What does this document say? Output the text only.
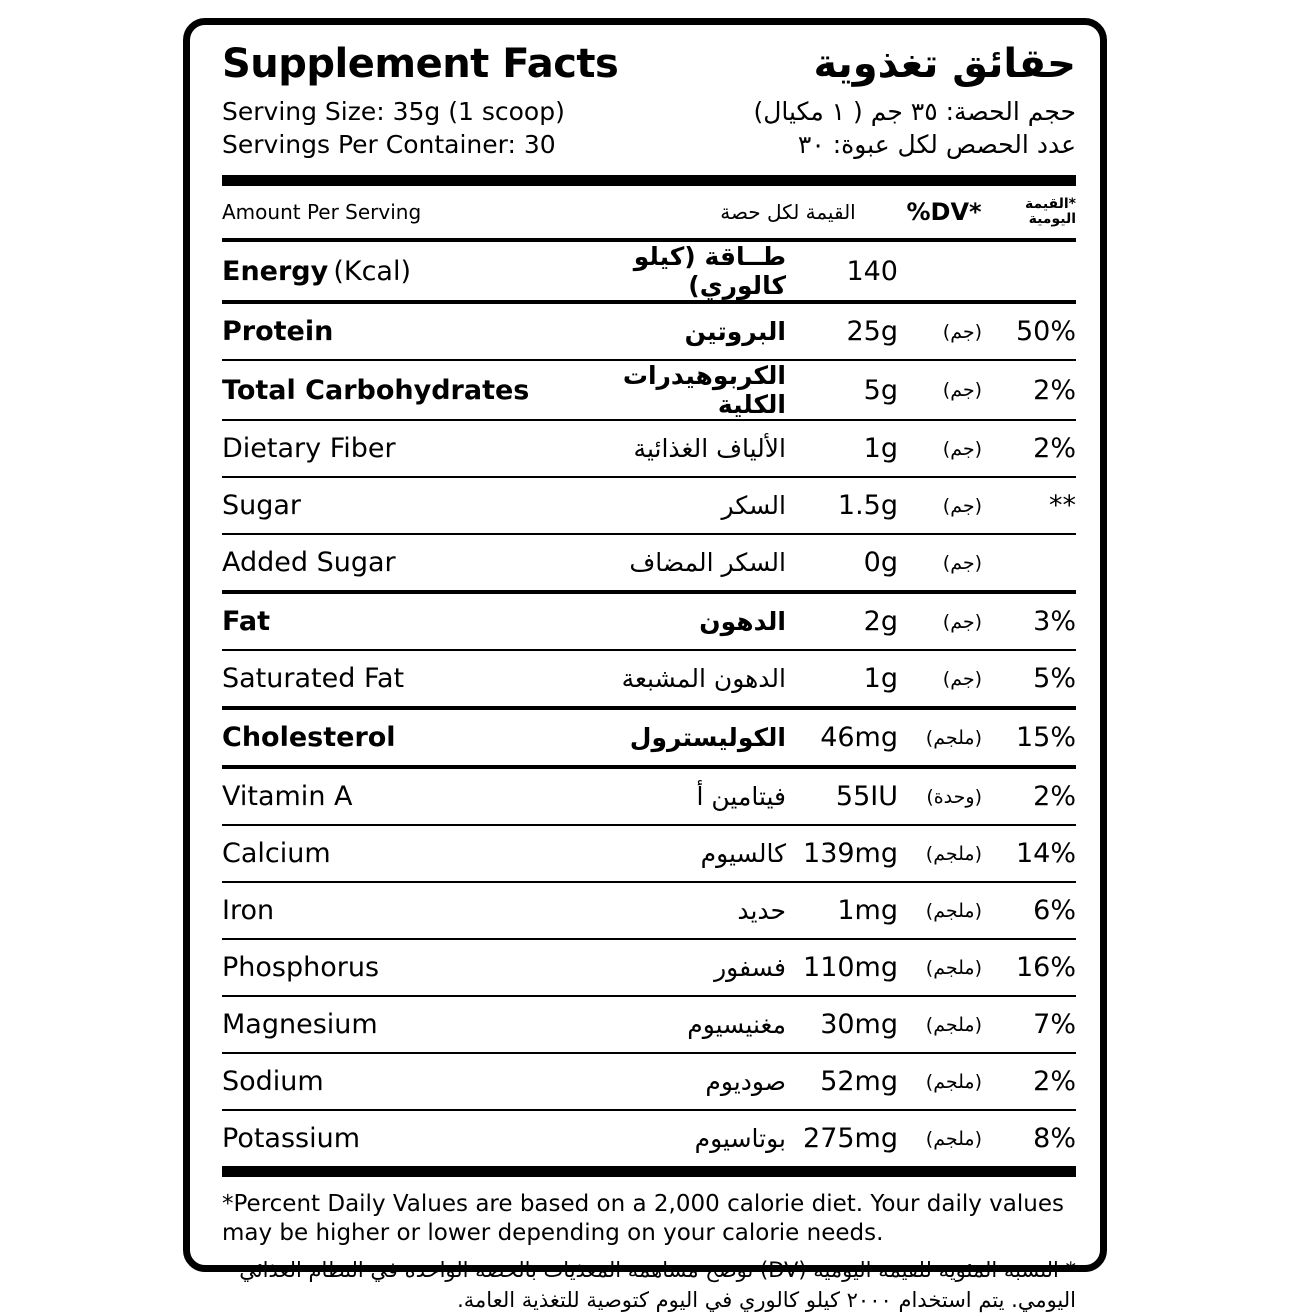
Supplement Facts	حقائق تغذوية
Serving Size: 35g (1 scoop)	حجم الحصة: ٣٥ جم ( ١ مكيال)
Servings Per Container: 30	عدد الحصص لكل عبوة: ٣٠
Amount Per Serving	القيمة لكل حصة	%DV*	*القيمة
اليومية
Energy (Kcal)	طــاقة (كيلو كالوري)	140		
Protein	البروتين	25g	(جم)	50%
Total Carbohydrates	الكربوهيدرات الكلية	5g	(جم)	2%
Dietary Fiber	الألياف الغذائية	1g	(جم)	2%
Sugar	السكر	1.5g	(جم)	**
Added Sugar	السكر المضاف	0g	(جم)	
Fat	الدهون	2g	(جم)	3%
Saturated Fat	الدهون المشبعة	1g	(جم)	5%
Cholesterol	الكوليسترول	46mg	(ملجم)	15%
Vitamin A	فيتامين أ	55IU	(وحدة)	2%
Calcium	كالسيوم	139mg	(ملجم)	14%
Iron	حديد	1mg	(ملجم)	6%
Phosphorus	فسفور	110mg	(ملجم)	16%
Magnesium	مغنيسيوم	30mg	(ملجم)	7%
Sodium	صوديوم	52mg	(ملجم)	2%
Potassium	بوتاسيوم	275mg	(ملجم)	8%
*Percent Daily Values are based on a 2,000 calorie diet. Your daily values may be higher or lower depending on your calorie needs.
* النسبة المئوية للقيمة اليومية (DV) توضح مساهمة المغذيات بالحصة الواحدة في النظام الغذائي اليومي. يتم استخدام ٢٠٠٠ كيلو كالوري في اليوم كتوصية للتغذية العامة.
